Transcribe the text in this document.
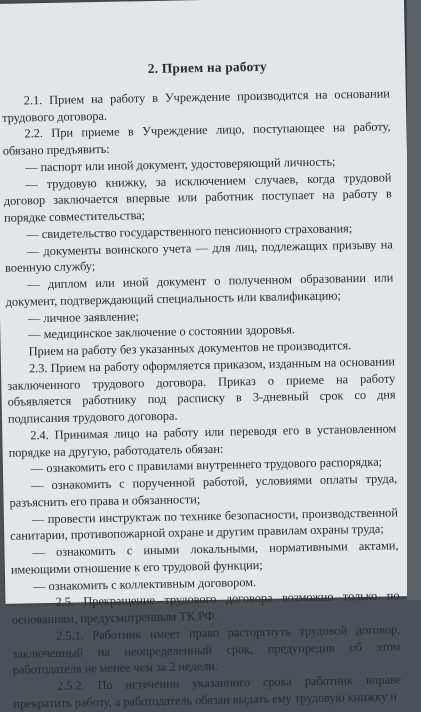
2. Прием на работу

2.1. Прием на работу в Учреждение производится на основании трудового договора.

2.2. При приеме в Учреждение лицо, поступающее на работу, обязано предъявить:

— паспорт или иной документ, удостоверяющий личность;

— трудовую книжку, за исключением случаев, когда трудовой договор заключается впервые или работник поступает на работу в порядке совместительства;

— свидетельство государственного пенсионного страхования;

— документы воинского учета — для лиц, подлежащих призыву на военную службу;

— диплом или иной документ о полученном образовании или документ, подтверждающий специальность или квалификацию;

— личное заявление;

— медицинское заключение о состоянии здоровья.

Прием на работу без указанных документов не производится.

2.3. Прием на работу оформляется приказом, изданным на основании заключенного трудового договора. Приказ о приеме на работу объявляется работнику под расписку в 3-дневный срок со дня подписания трудового договора.

2.4. Принимая лицо на работу или переводя его в установленном порядке на другую, работодатель обязан:

— ознакомить его с правилами внутреннего трудового распорядка;

— ознакомить с порученной работой, условиями оплаты труда, разъяснить его права и обязанности;

— провести инструктаж по технике безопасности, производственной санитарии, противопожарной охране и другим правилам охраны труда;

— ознакомить с иными локальными, нормативными актами, имеющими отношение к его трудовой функции;

— ознакомить с коллективным договором.

2.5. Прекращение трудового договора возможно только по основаниям, предусмотренным ТК РФ.

2.5.1. Работник имеет право расторгнуть трудовой договор, заключенный на неопределенный срок, предупредив об этом работодателя не менее чем за 2 недели.

2.5.2. По истечении указанного срока работник вправе прекратить работу, а работодатель обязан выдать ему трудовую книжку и
